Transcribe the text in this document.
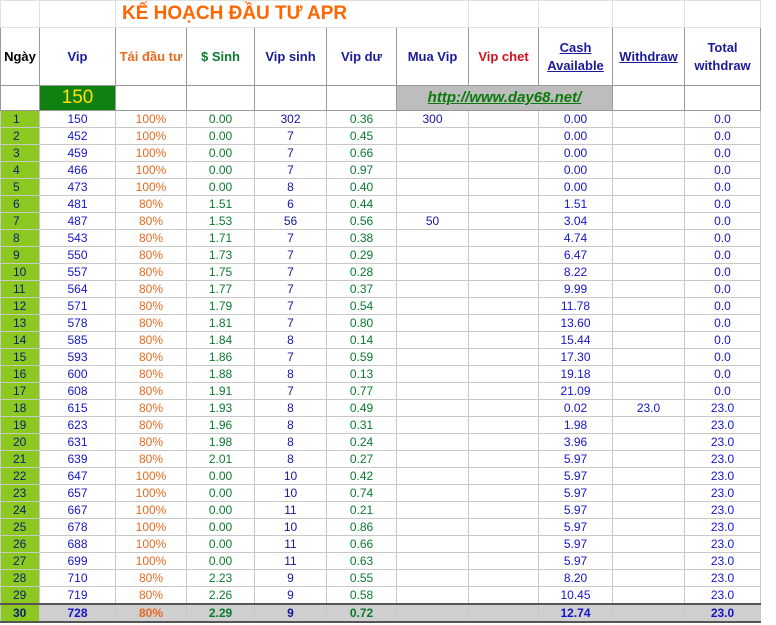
		KẾ HOẠCH ĐẦU TƯ APR								
Ngày	Vip	Tái đầu tư	$ Sinh	Vip sinh	Vip dư	Mua Vip	Vip chet	Cash Available	Withdraw	Total withdraw
	150					http://www.day68.net/				
1	150	100%	0.00	302	0.36	300		0.00		0.0
2	452	100%	0.00	7	0.45			0.00		0.0
3	459	100%	0.00	7	0.66			0.00		0.0
4	466	100%	0.00	7	0.97			0.00		0.0
5	473	100%	0.00	8	0.40			0.00		0.0
6	481	80%	1.51	6	0.44			1.51		0.0
7	487	80%	1.53	56	0.56	50		3.04		0.0
8	543	80%	1.71	7	0.38			4.74		0.0
9	550	80%	1.73	7	0.29			6.47		0.0
10	557	80%	1.75	7	0.28			8.22		0.0
11	564	80%	1.77	7	0.37			9.99		0.0
12	571	80%	1.79	7	0.54			11.78		0.0
13	578	80%	1.81	7	0.80			13.60		0.0
14	585	80%	1.84	8	0.14			15.44		0.0
15	593	80%	1.86	7	0.59			17.30		0.0
16	600	80%	1.88	8	0.13			19.18		0.0
17	608	80%	1.91	7	0.77			21.09		0.0
18	615	80%	1.93	8	0.49			0.02	23.0	23.0
19	623	80%	1.96	8	0.31			1.98		23.0
20	631	80%	1.98	8	0.24			3.96		23.0
21	639	80%	2.01	8	0.27			5.97		23.0
22	647	100%	0.00	10	0.42			5.97		23.0
23	657	100%	0.00	10	0.74			5.97		23.0
24	667	100%	0.00	11	0.21			5.97		23.0
25	678	100%	0.00	10	0.86			5.97		23.0
26	688	100%	0.00	11	0.66			5.97		23.0
27	699	100%	0.00	11	0.63			5.97		23.0
28	710	80%	2.23	9	0.55			8.20		23.0
29	719	80%	2.26	9	0.58			10.45		23.0
30	728	80%	2.29	9	0.72			12.74		23.0
